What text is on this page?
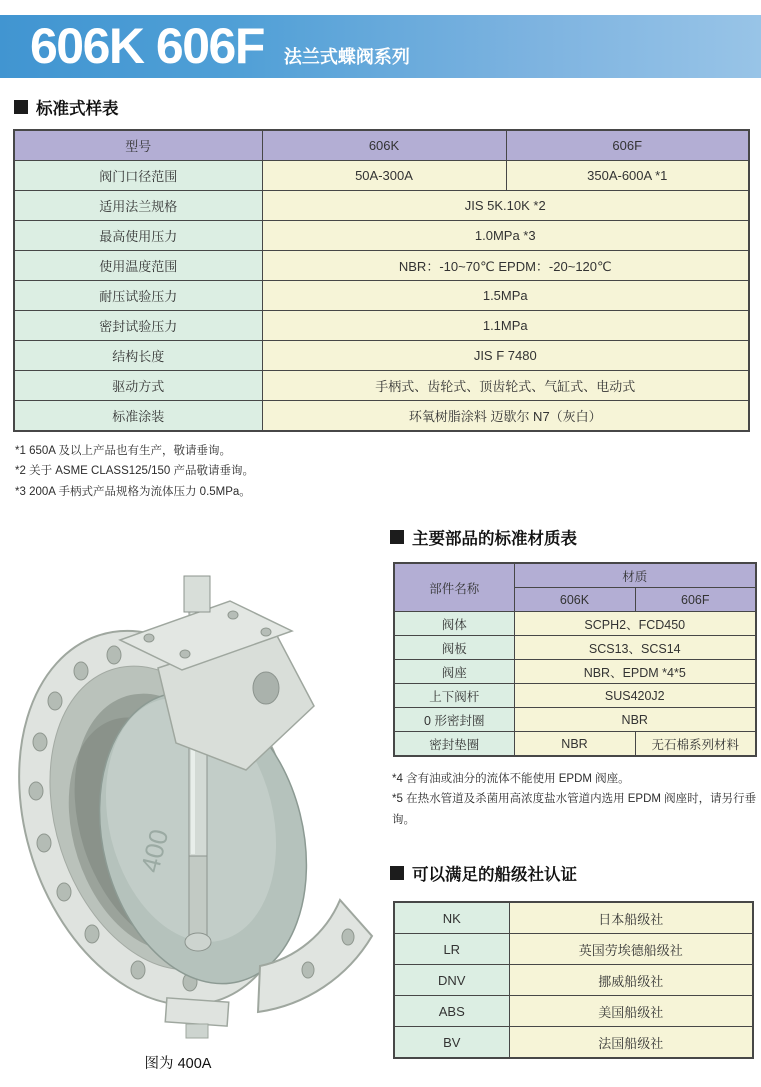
606K 606F 法兰式蝶阀系列
标准式样表
型号	606K	606F
阀门口径范围	50A-300A	350A-600A *1
适用法兰规格	JIS 5K.10K *2	
最高使用压力	1.0MPa *3	
使用温度范围	NBR：-10~70℃ EPDM：-20~120℃	
耐压试验压力	1.5MPa	
密封试验压力	1.1MPa	
结构长度	JIS F 7480	
驱动方式	手柄式、齿轮式、顶齿轮式、气缸式、电动式	
标准涂装	环氧树脂涂料 迈歇尔 N7（灰白）	
*1 650A 及以上产品也有生产，敬请垂询。
*2 关于 ASME CLASS125/150 产品敬请垂询。
*3 200A 手柄式产品规格为流体压力 0.5MPa。
400
图为 400A
主要部品的标准材质表
部件名称	材质	
	606K	606F
阀体	SCPH2、FCD450	
阀板	SCS13、SCS14	
阀座	NBR、EPDM *4*5	
上下阀杆	SUS420J2	
0 形密封圈	NBR	
密封垫圈	NBR	无石棉系列材料
*4 含有油或油分的流体不能使用 EPDM 阀座。
*5 在热水管道及杀菌用高浓度盐水管道内选用 EPDM 阀座时，请另行垂询。
可以满足的船级社认证
NK	日本船级社
LR	英国劳埃德船级社
DNV	挪威船级社
ABS	美国船级社
BV	法国船级社
